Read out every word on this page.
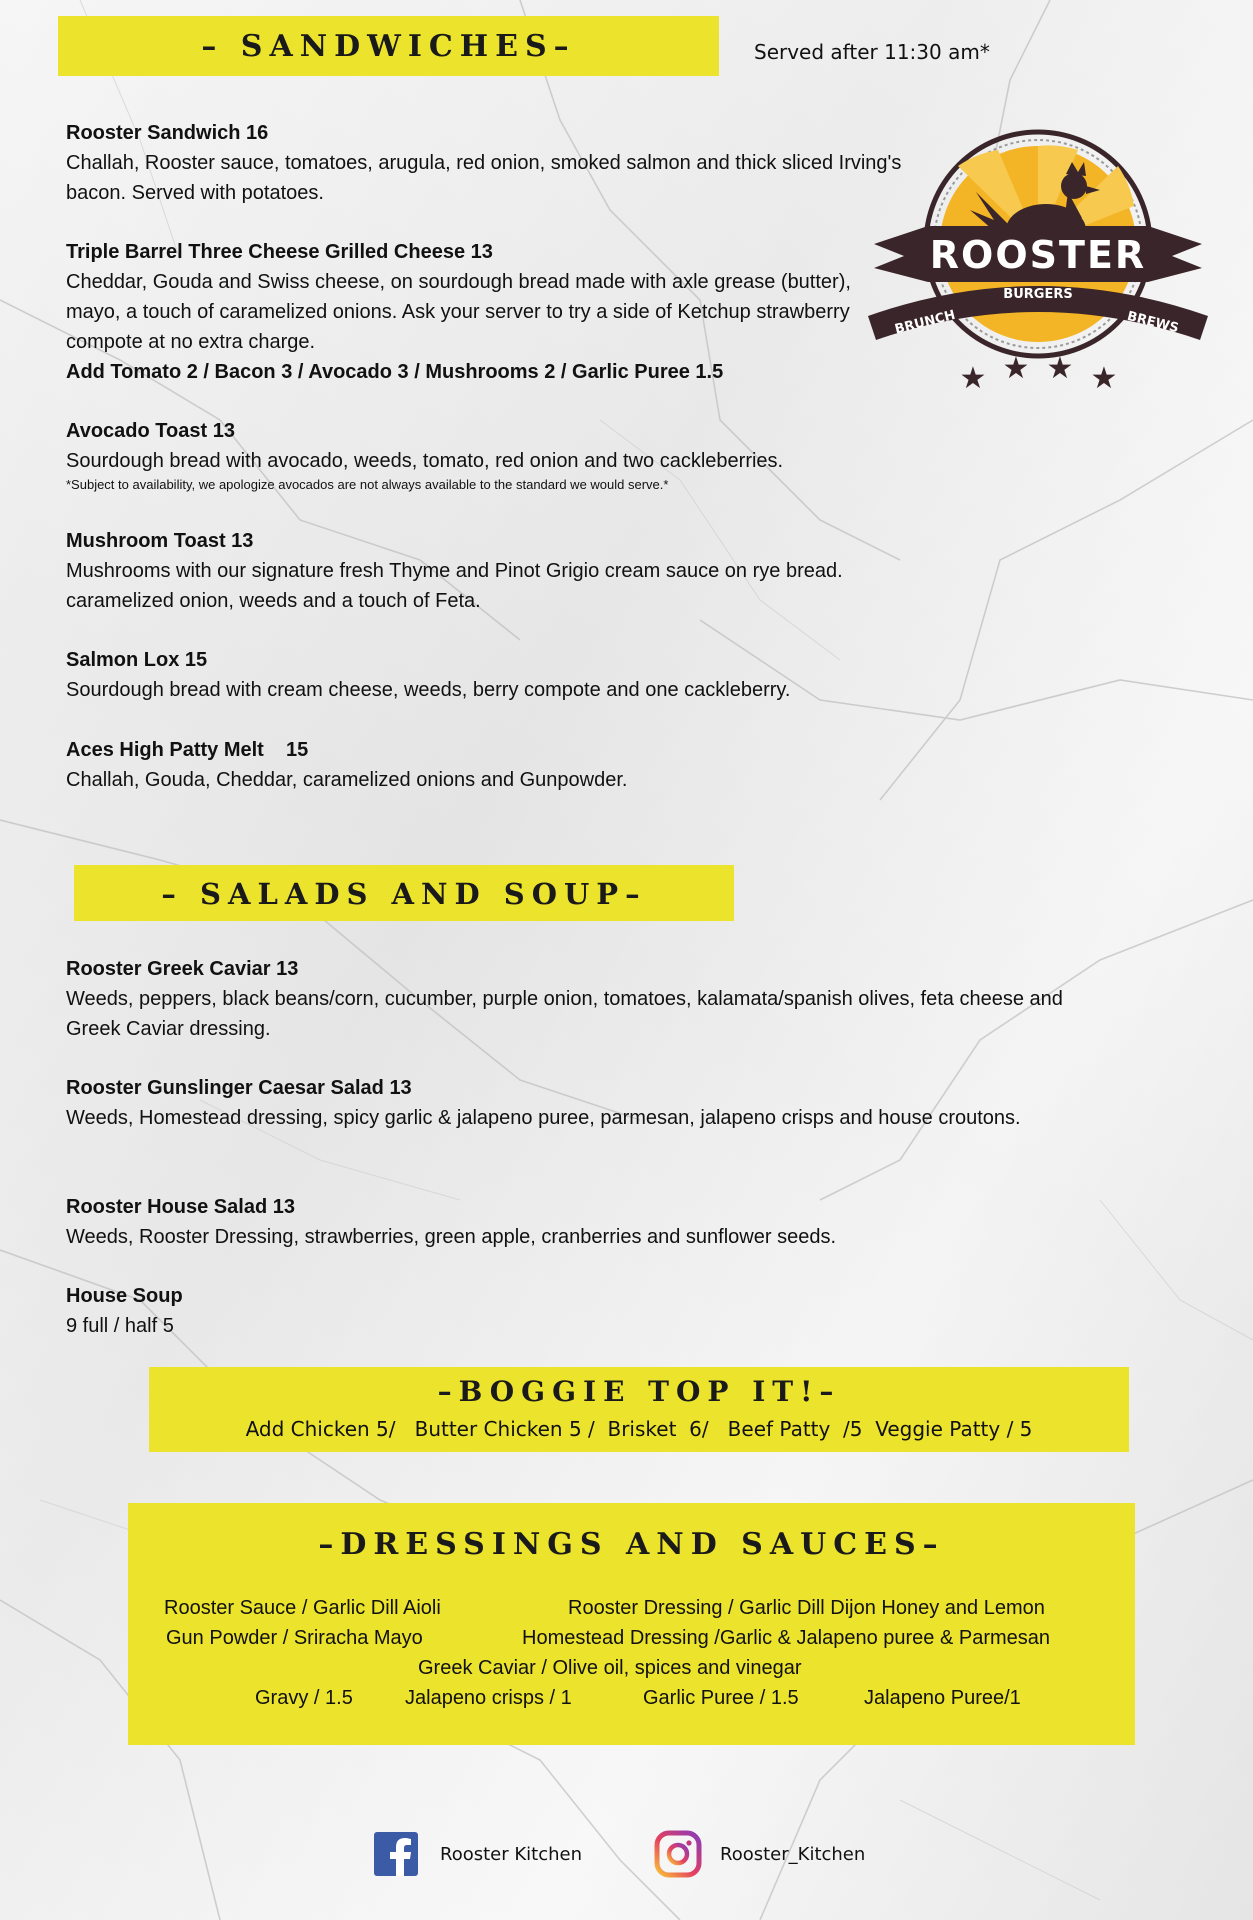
– SANDWICHES–	Served after 11:30 am*
Rooster Sandwich 16
Challah, Rooster sauce, tomatoes, arugula, red onion, smoked salmon and thick sliced Irving's bacon. Served with potatoes.
Triple Barrel Three Cheese Grilled Cheese 13
Cheddar, Gouda and Swiss cheese, on sourdough bread made with axle grease (butter), mayo, a touch of caramelized onions. Ask your server to try a side of Ketchup strawberry compote at no extra charge.
Add Tomato 2 / Bacon 3 / Avocado 3 / Mushrooms 2 / Garlic Puree 1.5
Avocado Toast 13
Sourdough bread with avocado, weeds, tomato, red onion and two cackleberries.
*Subject to availability, we apologize avocados are not always available to the standard we would serve.*
Mushroom Toast 13
Mushrooms with our signature fresh Thyme and Pinot Grigio cream sauce on rye bread. caramelized onion, weeds and a touch of Feta.
Salmon Lox 15
Sourdough bread with cream cheese, weeds, berry compote and one cackleberry.
Aces High Patty Melt    15
Challah, Gouda, Cheddar, caramelized onions and Gunpowder.
– SALADS AND SOUP–
Rooster Greek Caviar 13
Weeds, peppers, black beans/corn, cucumber, purple onion, tomatoes, kalamata/spanish olives, feta cheese and Greek Caviar dressing.
Rooster Gunslinger Caesar Salad 13
Weeds, Homestead dressing, spicy garlic & jalapeno puree, parmesan, jalapeno crisps and house croutons.
Rooster House Salad 13
Weeds, Rooster Dressing, strawberries, green apple, cranberries and sunflower seeds.
House Soup
9 full / half 5
–BOGGIE TOP IT!–
Add Chicken 5/   Butter Chicken 5 /  Brisket  6/   Beef Patty  /5  Veggie Patty / 5
–DRESSINGS AND SAUCES–
Rooster Sauce / Garlic Dill Aioli	Rooster Dressing / Garlic Dill Dijon Honey and Lemon
Gun Powder / Sriracha Mayo	Homestead Dressing /Garlic & Jalapeno puree & Parmesan
Greek Caviar / Olive oil, spices and vinegar
Gravy / 1.5	Jalapeno crisps / 1	Garlic Puree / 1.5	Jalapeno Puree/1
ROOSTER
BRUNCH
BURGERS
BREWS
★ ★ ★ ★
Rooster Kitchen	Rooster_Kitchen
